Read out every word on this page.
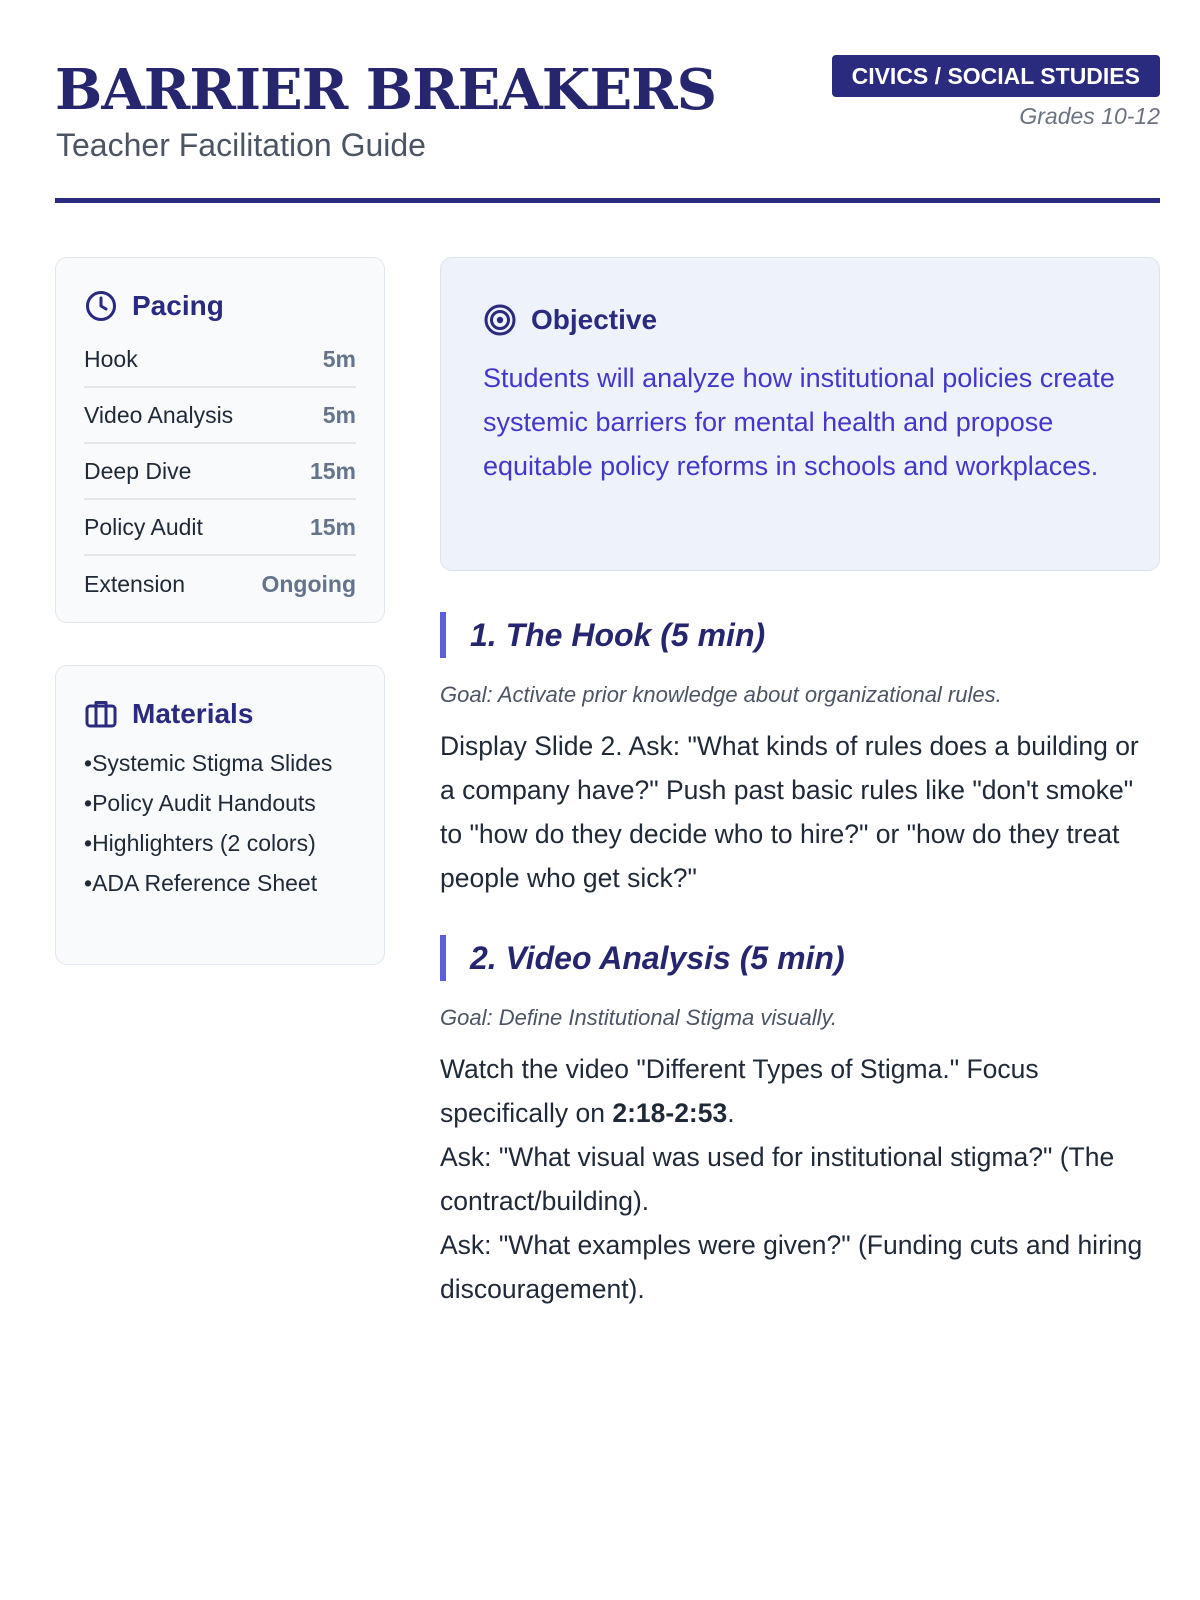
BARRIER BREAKERS
Teacher Facilitation Guide
CIVICS / SOCIAL STUDIES
Grades 10-12
Pacing
Hook	5m
Video Analysis	5m
Deep Dive	15m
Policy Audit	15m
Extension	Ongoing
Materials
• Systemic Stigma Slides
• Policy Audit Handouts
• Highlighters (2 colors)
• ADA Reference Sheet
Objective

Students will analyze how institutional policies create systemic barriers for mental health and propose equitable policy reforms in schools and workplaces.

1. The Hook (5 min)

Goal: Activate prior knowledge about organizational rules.

Display Slide 2. Ask: "What kinds of rules does a building or a company have?" Push past basic rules like "don't smoke" to "how do they decide who to hire?" or "how do they treat people who get sick?"

2. Video Analysis (5 min)

Goal: Define Institutional Stigma visually.

Watch the video "Different Types of Stigma." Focus specifically on 2:18-2:53.
Ask: "What visual was used for institutional stigma?" (The contract/building).
Ask: "What examples were given?" (Funding cuts and hiring discouragement).
